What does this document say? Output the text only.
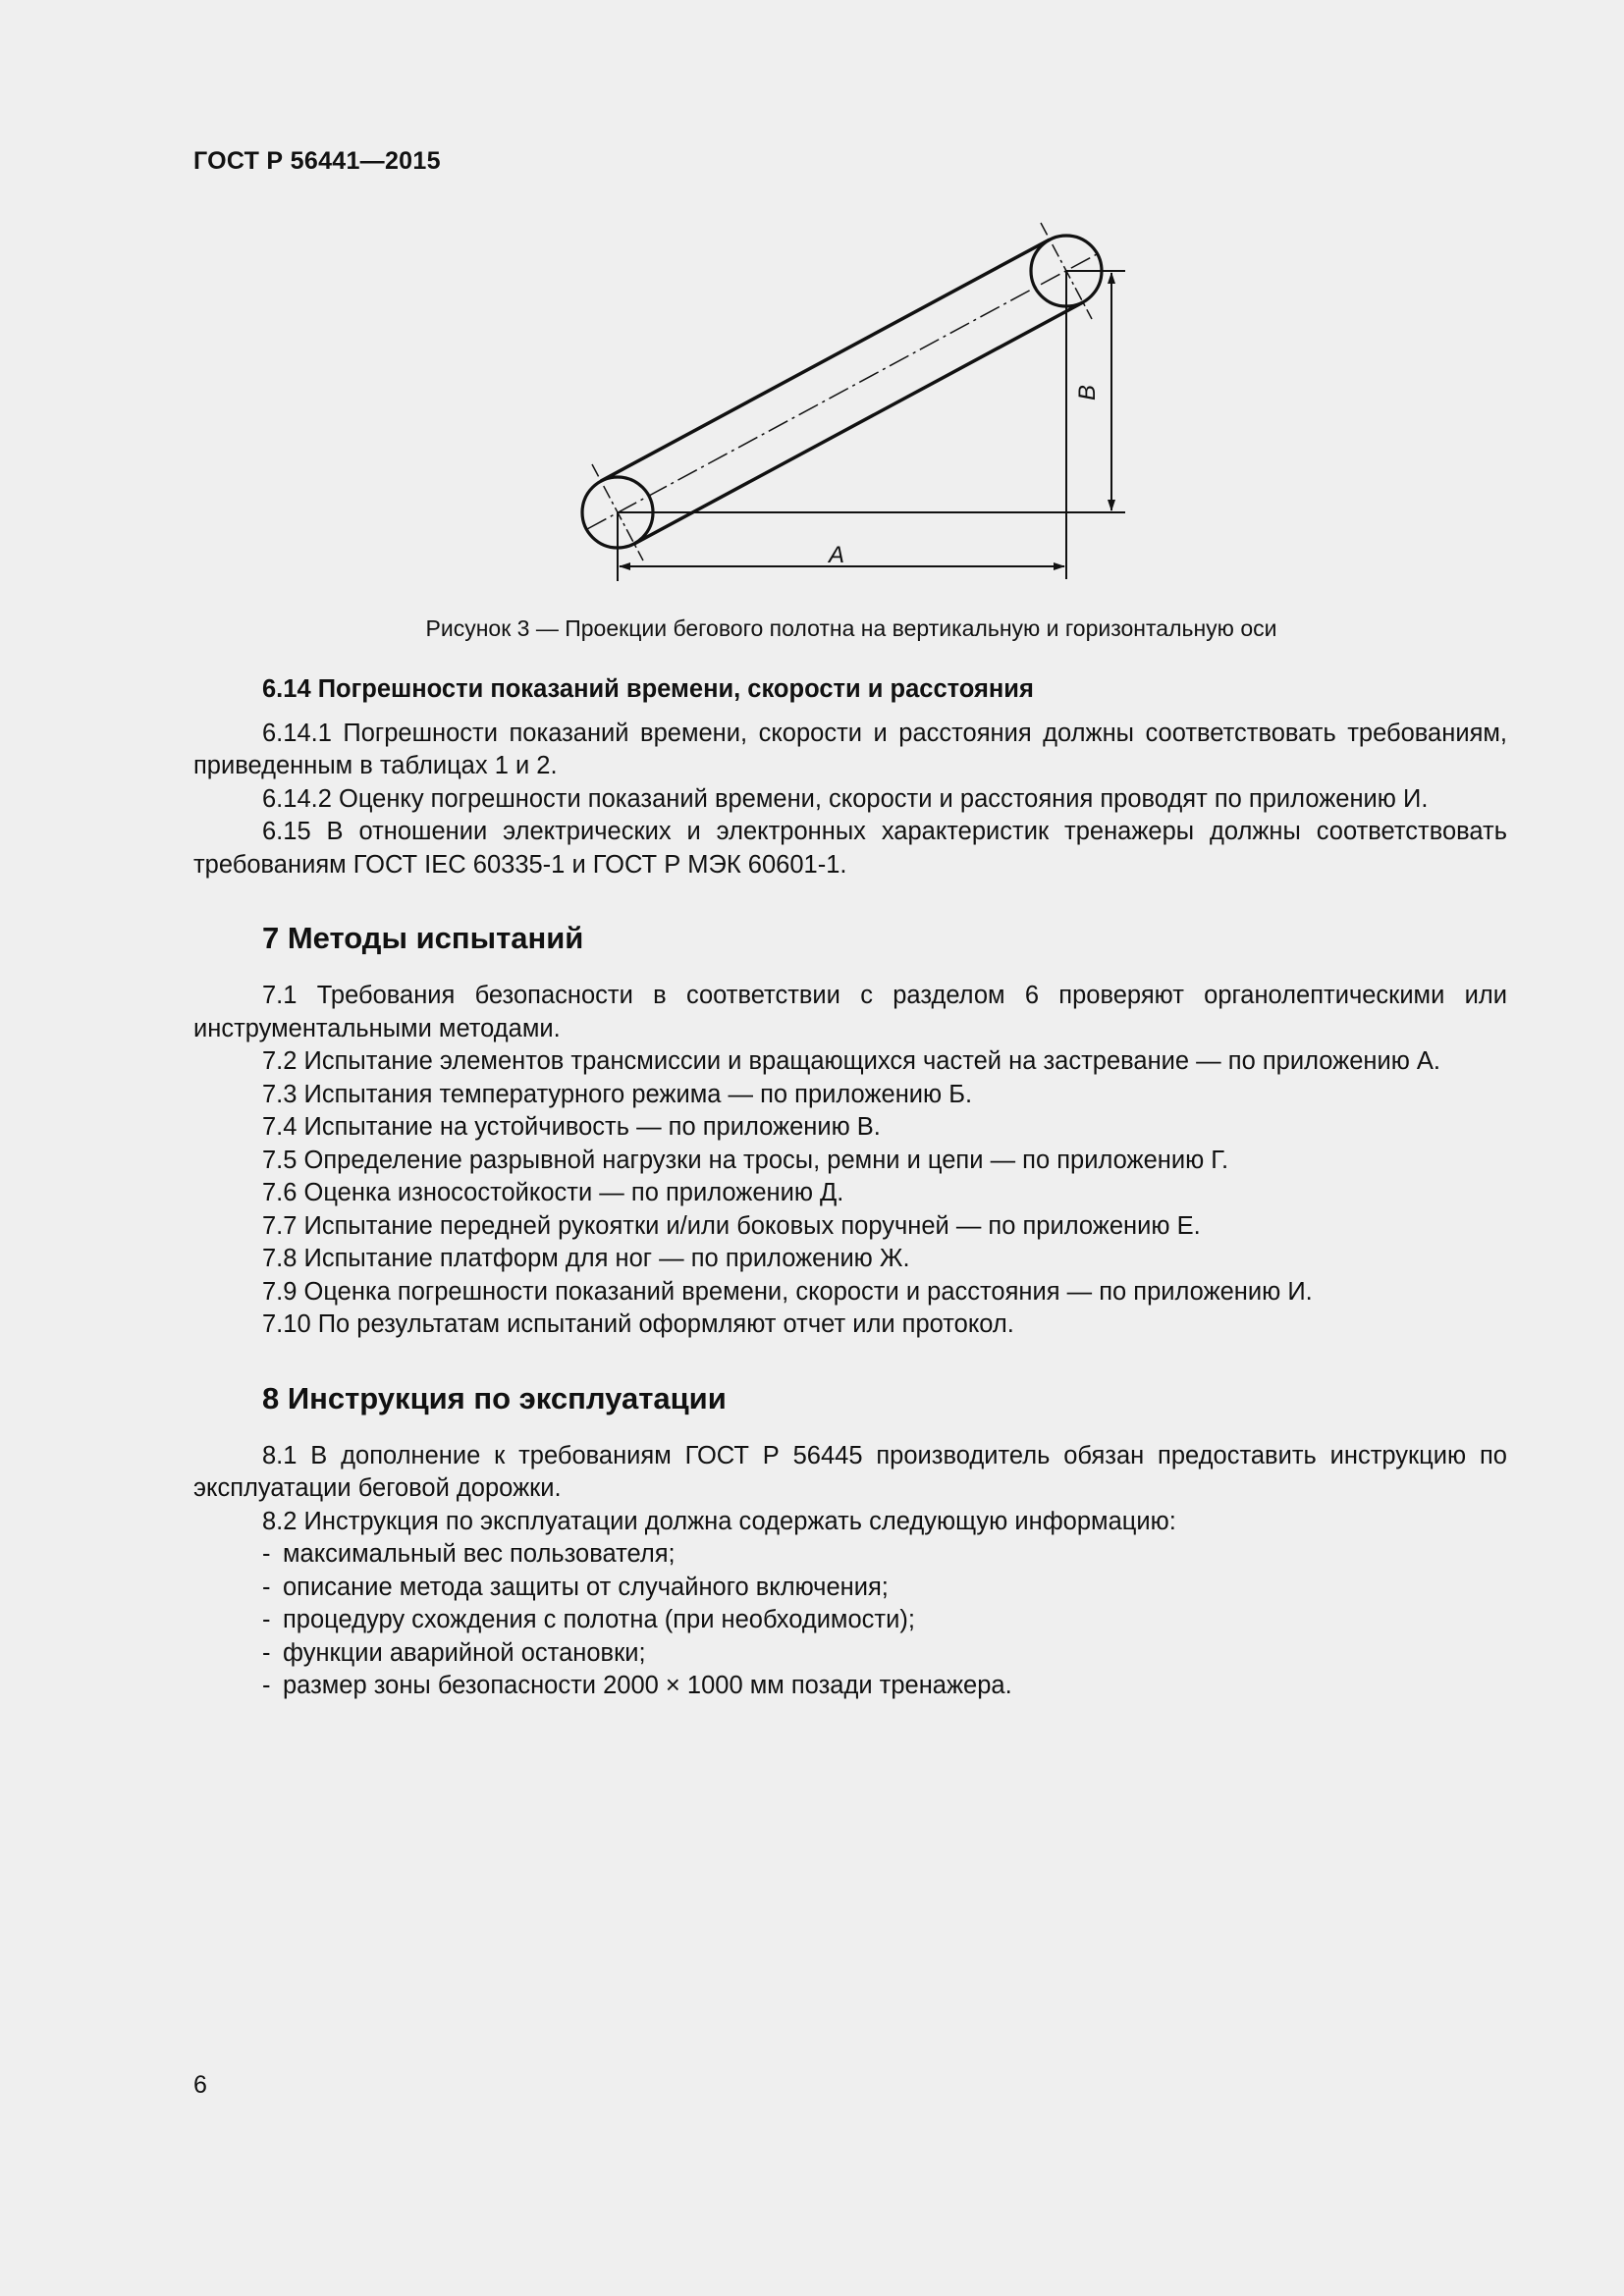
ГОСТ Р 56441—2015
A
B
Рисунок 3 — Проекции бегового полотна на вертикальную и горизонтальную оси

6.14 Погрешности показаний времени, скорости и расстояния

6.14.1 Погрешности показаний времени, скорости и расстояния должны соответствовать требованиям, приведенным в таблицах 1 и 2.

6.14.2 Оценку погрешности показаний времени, скорости и расстояния проводят по приложению И.

6.15 В отношении электрических и электронных характеристик тренажеры должны соответствовать требованиям ГОСТ IEC 60335-1 и ГОСТ Р МЭК 60601-1.

7 Методы испытаний

7.1 Требования безопасности в соответствии с разделом 6 проверяют органолептическими или инструментальными методами.

7.2 Испытание элементов трансмиссии и вращающихся частей на застревание — по приложению А.

7.3 Испытания температурного режима — по приложению Б.

7.4 Испытание на устойчивость — по приложению В.

7.5 Определение разрывной нагрузки на тросы, ремни и цепи — по приложению Г.

7.6 Оценка износостойкости — по приложению Д.

7.7 Испытание передней рукоятки и/или боковых поручней — по приложению Е.

7.8 Испытание платформ для ног — по приложению Ж.

7.9 Оценка погрешности показаний времени, скорости и расстояния — по приложению И.

7.10 По результатам испытаний оформляют отчет или протокол.

8 Инструкция по эксплуатации

8.1 В дополнение к требованиям ГОСТ Р 56445 производитель обязан предоставить инструкцию по эксплуатации беговой дорожки.

8.2 Инструкция по эксплуатации должна содержать следующую информацию:

- максимальный вес пользователя;
- описание метода защиты от случайного включения;
- процедуру схождения с полотна (при необходимости);
- функции аварийной остановки;
- размер зоны безопасности 2000 × 1000 мм позади тренажера.
6
